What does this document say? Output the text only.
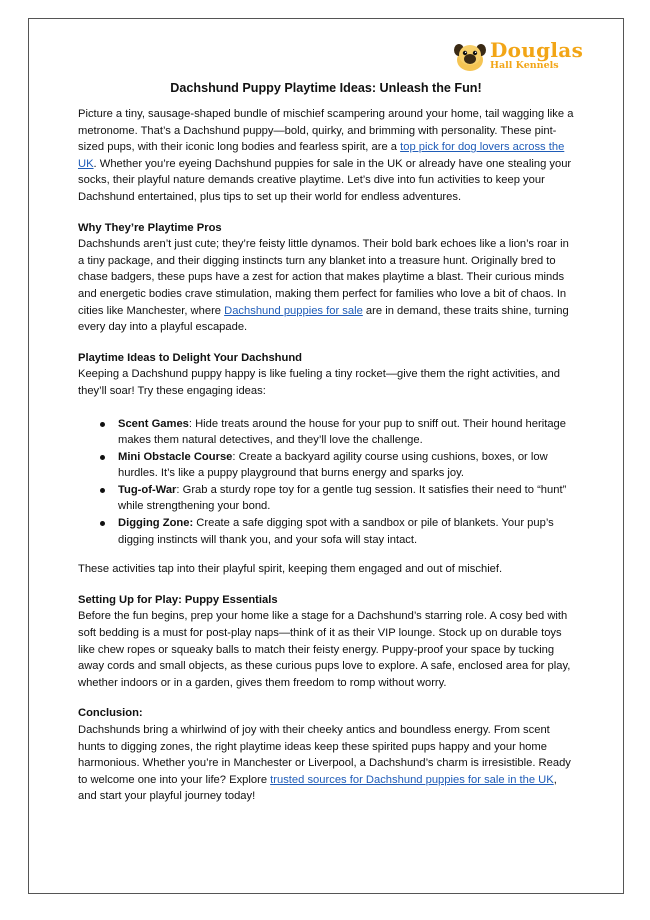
Douglas
Hall Kennels
Dachshund Puppy Playtime Ideas: Unleash the Fun!

Picture a tiny, sausage-shaped bundle of mischief scampering around your home, tail wagging like a metronome. That’s a Dachshund puppy—bold, quirky, and brimming with personality. These pint-sized pups, with their iconic long bodies and fearless spirit, are a top pick for dog lovers across the UK. Whether you’re eyeing Dachshund puppies for sale in the UK or already have one stealing your socks, their playful nature demands creative playtime. Let’s dive into fun activities to keep your Dachshund entertained, plus tips to set up their world for endless adventures.

Why They’re Playtime Pros

Dachshunds aren’t just cute; they’re feisty little dynamos. Their bold bark echoes like a lion’s roar in a tiny package, and their digging instincts turn any blanket into a treasure hunt. Originally bred to chase badgers, these pups have a zest for action that makes playtime a blast. Their curious minds and energetic bodies crave stimulation, making them perfect for families who love a bit of chaos. In cities like Manchester, where Dachshund puppies for sale are in demand, these traits shine, turning every day into a playful escapade.

Playtime Ideas to Delight Your Dachshund

Keeping a Dachshund puppy happy is like fueling a tiny rocket—give them the right activities, and they’ll soar! Try these engaging ideas:

Scent Games: Hide treats around the house for your pup to sniff out. Their hound heritage makes them natural detectives, and they’ll love the challenge.
Mini Obstacle Course: Create a backyard agility course using cushions, boxes, or low hurdles. It’s like a puppy playground that burns energy and sparks joy.
Tug-of-War: Grab a sturdy rope toy for a gentle tug session. It satisfies their need to “hunt” while strengthening your bond.
Digging Zone: Create a safe digging spot with a sandbox or pile of blankets. Your pup’s digging instincts will thank you, and your sofa will stay intact.

These activities tap into their playful spirit, keeping them engaged and out of mischief.

Setting Up for Play: Puppy Essentials

Before the fun begins, prep your home like a stage for a Dachshund’s starring role. A cosy bed with soft bedding is a must for post-play naps—think of it as their VIP lounge. Stock up on durable toys like chew ropes or squeaky balls to match their feisty energy. Puppy-proof your space by tucking away cords and small objects, as these curious pups love to explore. A safe, enclosed area for play, whether indoors or in a garden, gives them freedom to romp without worry.

Conclusion:

Dachshunds bring a whirlwind of joy with their cheeky antics and boundless energy. From scent hunts to digging zones, the right playtime ideas keep these spirited pups happy and your home harmonious. Whether you’re in Manchester or Liverpool, a Dachshund’s charm is irresistible. Ready to welcome one into your life? Explore trusted sources for Dachshund puppies for sale in the UK, and start your playful journey today!
